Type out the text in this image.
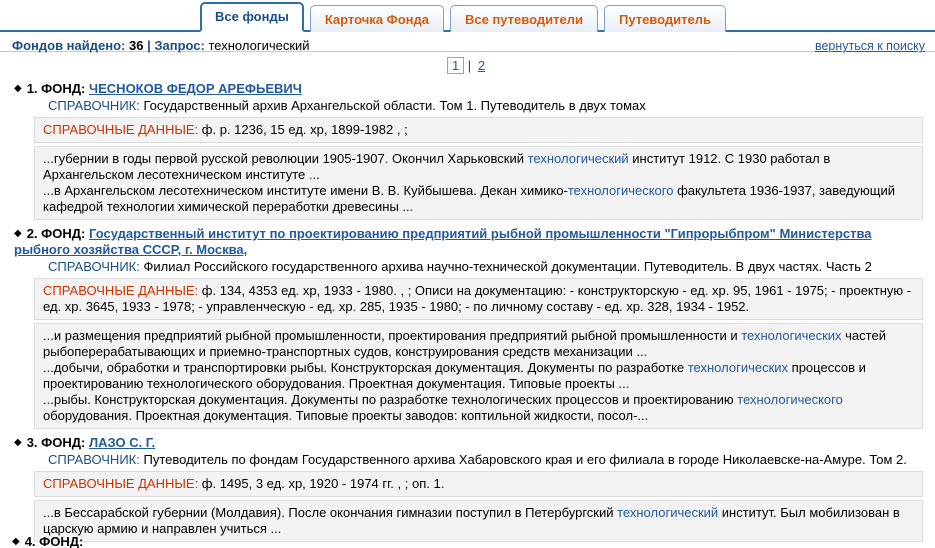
Все фонды	Карточка Фонда	Все путеводители	Путеводитель
Фондов найдено: 36 | Запрос: технологический	вернуться к поиску
1 | 2
◆ 1. ФОНД: ЧЕСНОКОВ ФЕДОР АРЕФЬЕВИЧ
СПРАВОЧНИК: Государственный архив Архангельской области. Том 1. Путеводитель в двух томах
СПРАВОЧНЫЕ ДАННЫЕ: ф. р. 1236, 15 ед. хр, 1899-1982 , ;
...губернии в годы первой русской революции 1905-1907. Окончил Харьковский технологический институт 1912. С 1930 работал в Архангельском лесотехническом институте ...
...в Архангельском лесотехническом институте имени В. В. Куйбышева. Декан химико-технологического факультета 1936-1937, заведующий кафедрой технологии химической переработки древесины ...
◆ 2. ФОНД: Государственный институт по проектированию предприятий рыбной промышленности "Гипрорыбпром" Министерства рыбного хозяйства СССР, г. Москва,
СПРАВОЧНИК: Филиал Российского государственного архива научно-технической документации. Путеводитель. В двух частях. Часть 2
СПРАВОЧНЫЕ ДАННЫЕ: ф. 134, 4353 ед. хр, 1933 - 1980. , ; Описи на документацию: - конструкторскую - ед. хр. 95, 1961 - 1975; - проектную - ед. хр. 3645, 1933 - 1978; - управленческую - ед. хр. 285, 1935 - 1980; - по личному составу - ед. хр. 328, 1934 - 1952.
...и размещения предприятий рыбной промышленности, проектирования предприятий рыбной промышленности и технологических частей рыбоперерабатывающих и приемно-транспортных судов, конструирования средств механизации ...
...добычи, обработки и транспортировки рыбы. Конструкторская документация. Документы по разработке технологических процессов и проектированию технологического оборудования. Проектная документация. Типовые проекты ...
...рыбы. Конструкторская документация. Документы по разработке технологических процессов и проектированию технологического оборудования. Проектная документация. Типовые проекты заводов: коптильной жидкости, посол-...
◆ 3. ФОНД: ЛАЗО С. Г.
СПРАВОЧНИК: Путеводитель по фондам Государственного архива Хабаровского края и его филиала в городе Николаевске-на-Амуре. Том 2.
СПРАВОЧНЫЕ ДАННЫЕ: ф. 1495, 3 ед. хр, 1920 - 1974 гг. , ; оп. 1.
...в Бессарабской губернии (Молдавия). После окончания гимназии поступил в Петербургский технологический институт. Был мобилизован в царскую армию и направлен учиться ...
◆ 4. ФОНД:
